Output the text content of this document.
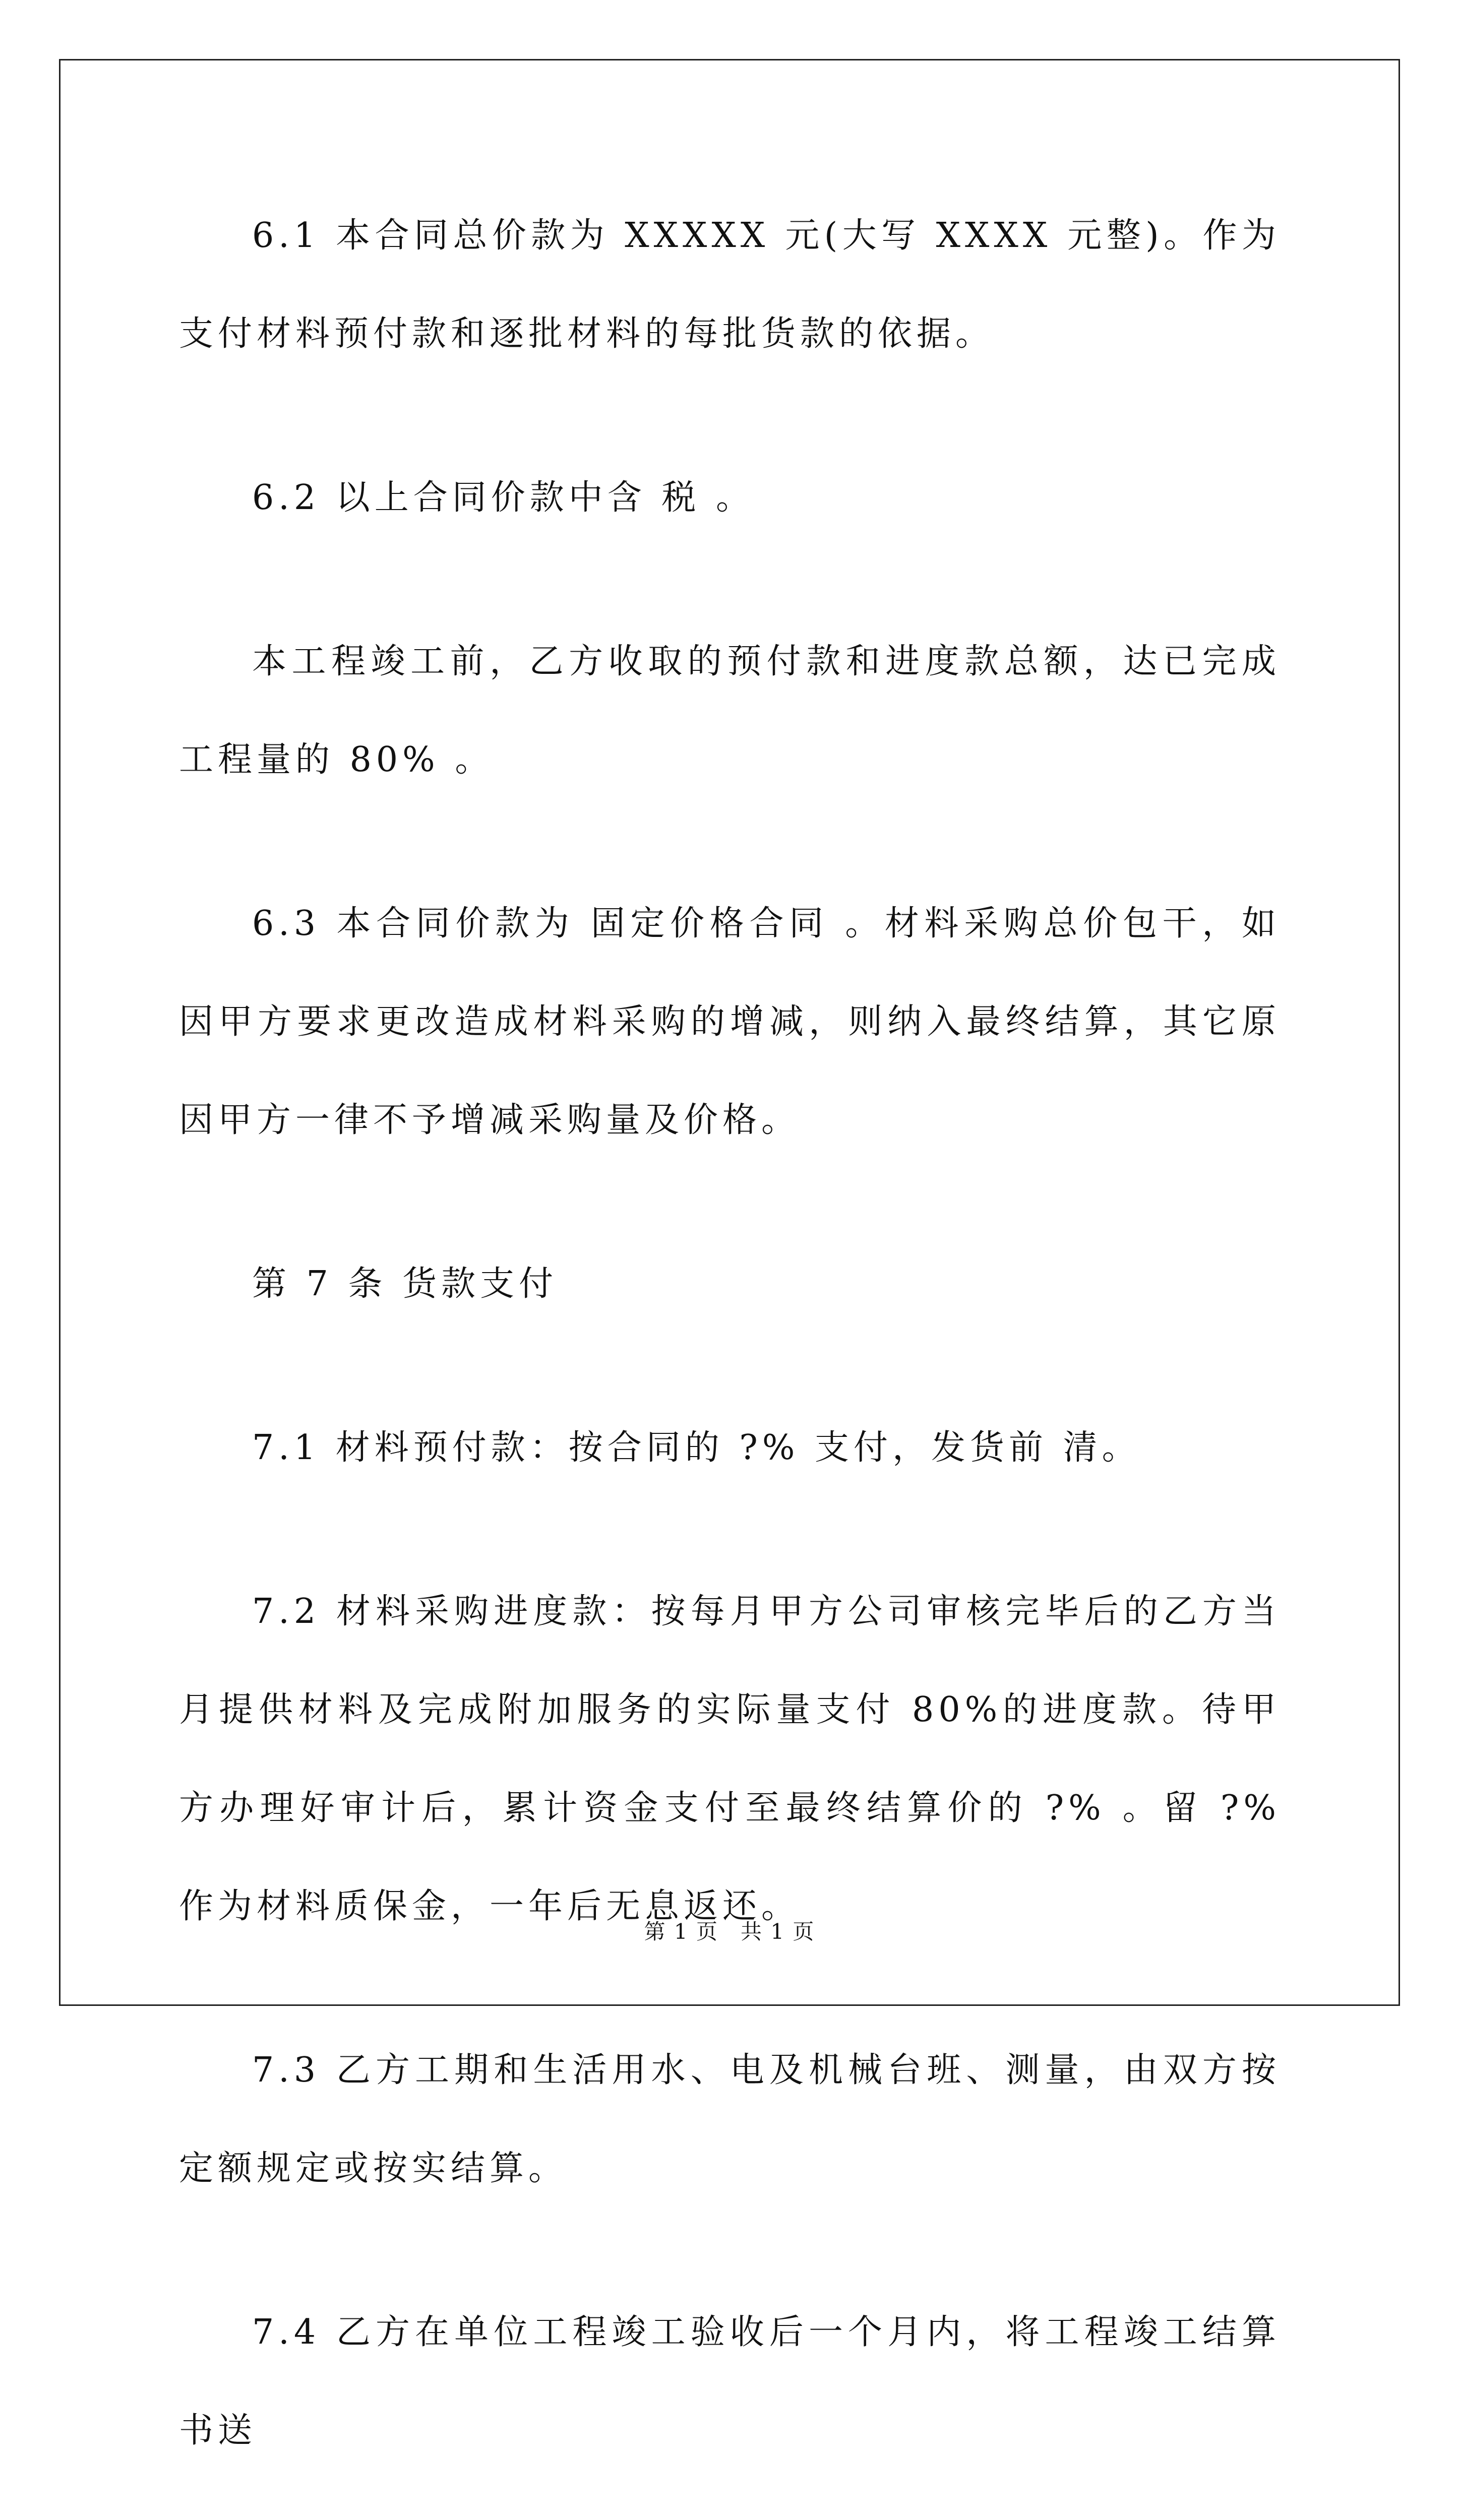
6.1 本合同总价款为 XXXXX 元(大写 XXXX 元整)。作为支付材料预付款和逐批材料的每批货款的依据。

6.2 以上合同价款中含 税 。

本工程竣工前，乙方收取的预付款和进度款总额，达已完成工程量的 80% 。

6.3 本合同价款为 固定价格合同 。材料采购总价包干，如因甲方要求更改造成材料采购的增减，则纳入最终结算，其它原因甲方一律不予增减采购量及价格。

第 7 条 货款支付

7.1 材料预付款：按合同的 ?% 支付，发货前 清。

7.2 材料采购进度款：按每月甲方公司审核完毕后的乙方当月提供材料及完成附加服务的实际量支付 80%的进度款。待甲方办理好审计后，累计资金支付至最终结算价的 ?% 。留 ?% 作为材料质保金，一年后无息返还。

7.3 乙方工期和生活用水、电及机械台班、测量，由双方按定额规定或按实结算。

7.4 乙方在单位工程竣工验收后一个月内，将工程竣工结算书送

第 1 页　共 1 页
